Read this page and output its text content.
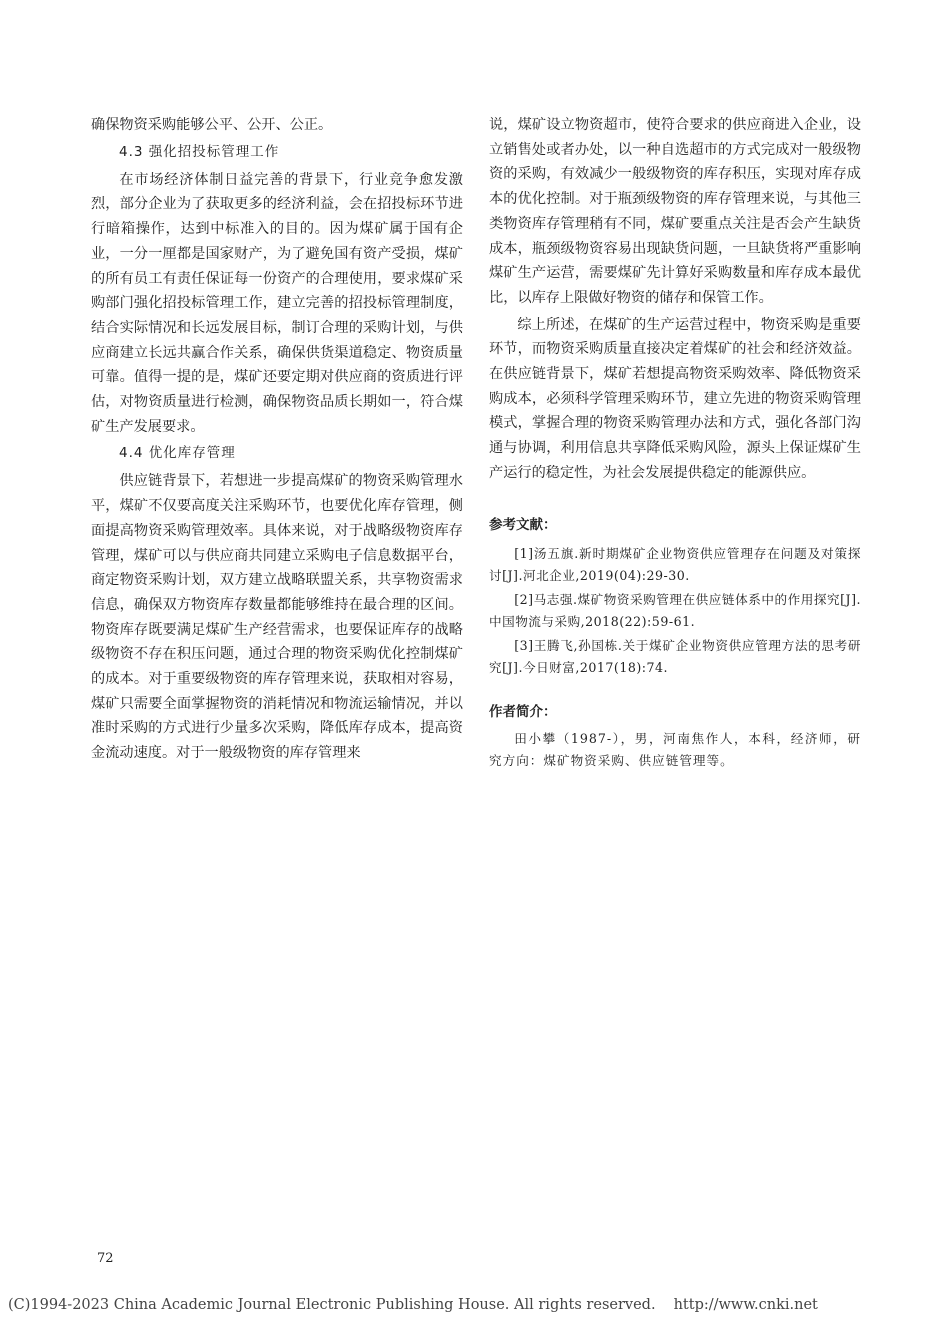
确保物资采购能够公平、公开、公正。

4.3 强化招投标管理工作

在市场经济体制日益完善的背景下，行业竞争愈发激烈，部分企业为了获取更多的经济利益，会在招投标环节进行暗箱操作，达到中标准入的目的。因为煤矿属于国有企业，一分一厘都是国家财产，为了避免国有资产受损，煤矿的所有员工有责任保证每一份资产的合理使用，要求煤矿采购部门强化招投标管理工作，建立完善的招投标管理制度，结合实际情况和长远发展目标，制订合理的采购计划，与供应商建立长远共赢合作关系，确保供货渠道稳定、物资质量可靠。值得一提的是，煤矿还要定期对供应商的资质进行评估，对物资质量进行检测，确保物资品质长期如一，符合煤矿生产发展要求。

4.4 优化库存管理

供应链背景下，若想进一步提高煤矿的物资采购管理水平，煤矿不仅要高度关注采购环节，也要优化库存管理，侧面提高物资采购管理效率。具体来说，对于战略级物资库存管理，煤矿可以与供应商共同建立采购电子信息数据平台，商定物资采购计划，双方建立战略联盟关系，共享物资需求信息，确保双方物资库存数量都能够维持在最合理的区间。物资库存既要满足煤矿生产经营需求，也要保证库存的战略级物资不存在积压问题，通过合理的物资采购优化控制煤矿的成本。对于重要级物资的库存管理来说，获取相对容易，煤矿只需要全面掌握物资的消耗情况和物流运输情况，并以准时采购的方式进行少量多次采购，降低库存成本，提高资金流动速度。对于一般级物资的库存管理来

说，煤矿设立物资超市，使符合要求的供应商进入企业，设立销售处或者办处，以一种自选超市的方式完成对一般级物资的采购，有效减少一般级物资的库存积压，实现对库存成本的优化控制。对于瓶颈级物资的库存管理来说，与其他三类物资库存管理稍有不同，煤矿要重点关注是否会产生缺货成本，瓶颈级物资容易出现缺货问题，一旦缺货将严重影响煤矿生产运营，需要煤矿先计算好采购数量和库存成本最优比，以库存上限做好物资的储存和保管工作。

综上所述，在煤矿的生产运营过程中，物资采购是重要环节，而物资采购质量直接决定着煤矿的社会和经济效益。在供应链背景下，煤矿若想提高物资采购效率、降低物资采购成本，必须科学管理采购环节，建立先进的物资采购管理模式，掌握合理的物资采购管理办法和方式，强化各部门沟通与协调，利用信息共享降低采购风险，源头上保证煤矿生产运行的稳定性，为社会发展提供稳定的能源供应。

参考文献：
[1]汤五旗.新时期煤矿企业物资供应管理存在问题及对策探讨[J].河北企业,2019(04):29-30.
[2]马志强.煤矿物资采购管理在供应链体系中的作用探究[J].中国物流与采购,2018(22):59-61.
[3]王腾飞,孙国栋.关于煤矿企业物资供应管理方法的思考研究[J].今日财富,2017(18):74.
作者简介：

田小攀（1987-），男，河南焦作人，本科，经济师，研究方向：煤矿物资采购、供应链管理等。

72
(C)1994-2023 China Academic Journal Electronic Publishing House. All rights reserved. http://www.cnki.net
